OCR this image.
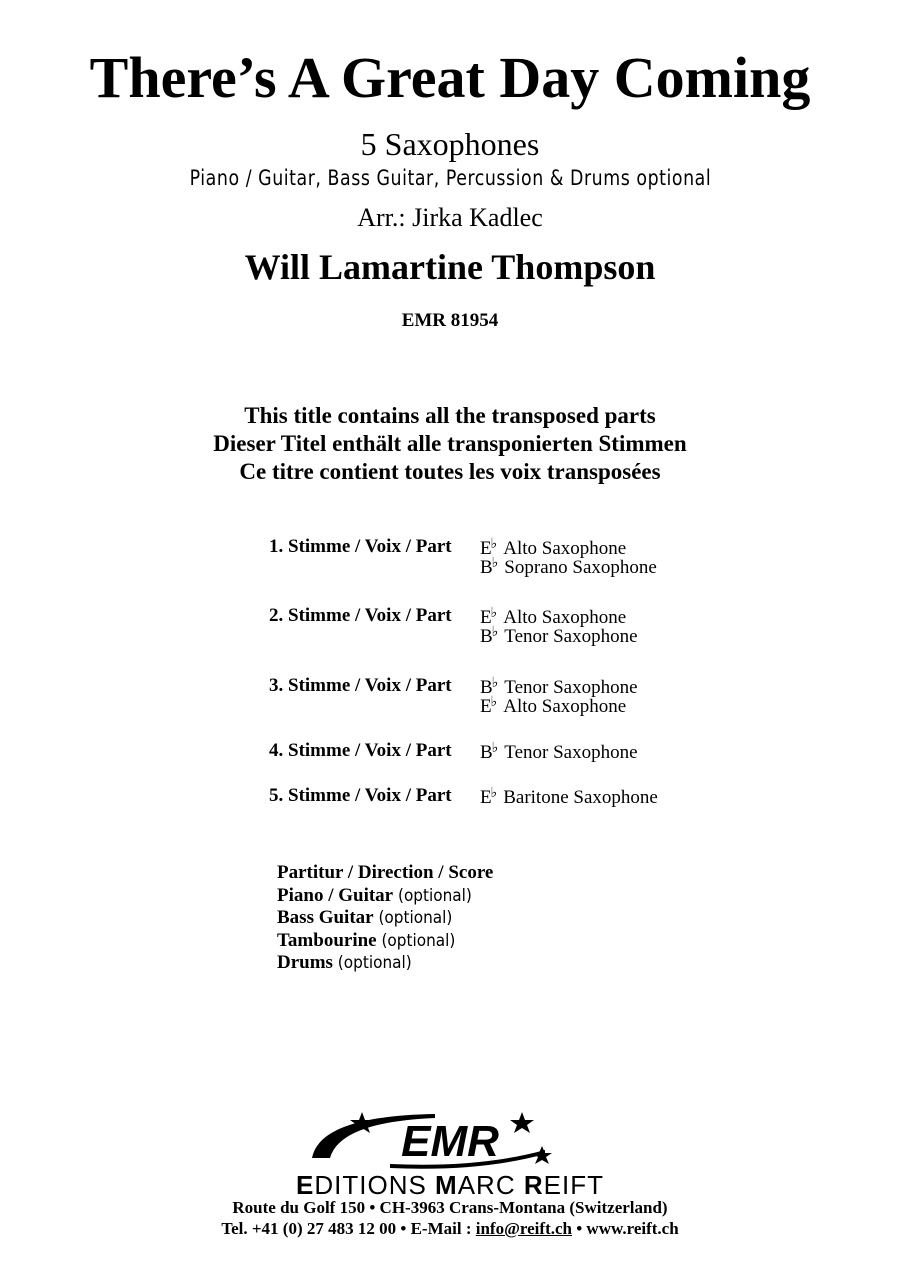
There’s A Great Day Coming
5 Saxophones
Piano / Guitar, Bass Guitar, Percussion & Drums optional
Arr.: Jirka Kadlec
Will Lamartine Thompson
EMR 81954
This title contains all the transposed parts
Dieser Titel enthält alle transponierten Stimmen
Ce titre contient toutes les voix transposées
1. Stimme / Voix / Part E♭ Alto Saxophone
B♭ Soprano Saxophone
2. Stimme / Voix / Part E♭ Alto Saxophone
B♭ Tenor Saxophone
3. Stimme / Voix / Part B♭ Tenor Saxophone
E♭ Alto Saxophone
4. Stimme / Voix / Part B♭ Tenor Saxophone
5. Stimme / Voix / Part E♭ Baritone Saxophone
Partitur / Direction / Score
Piano / Guitar (optional)
Bass Guitar (optional)
Tambourine (optional)
Drums (optional)
EMR
EDITIONS MARC REIFT
Route du Golf 150 • CH-3963 Crans-Montana (Switzerland)
Tel. +41 (0) 27 483 12 00 • E-Mail : info@reift.ch • www.reift.ch
